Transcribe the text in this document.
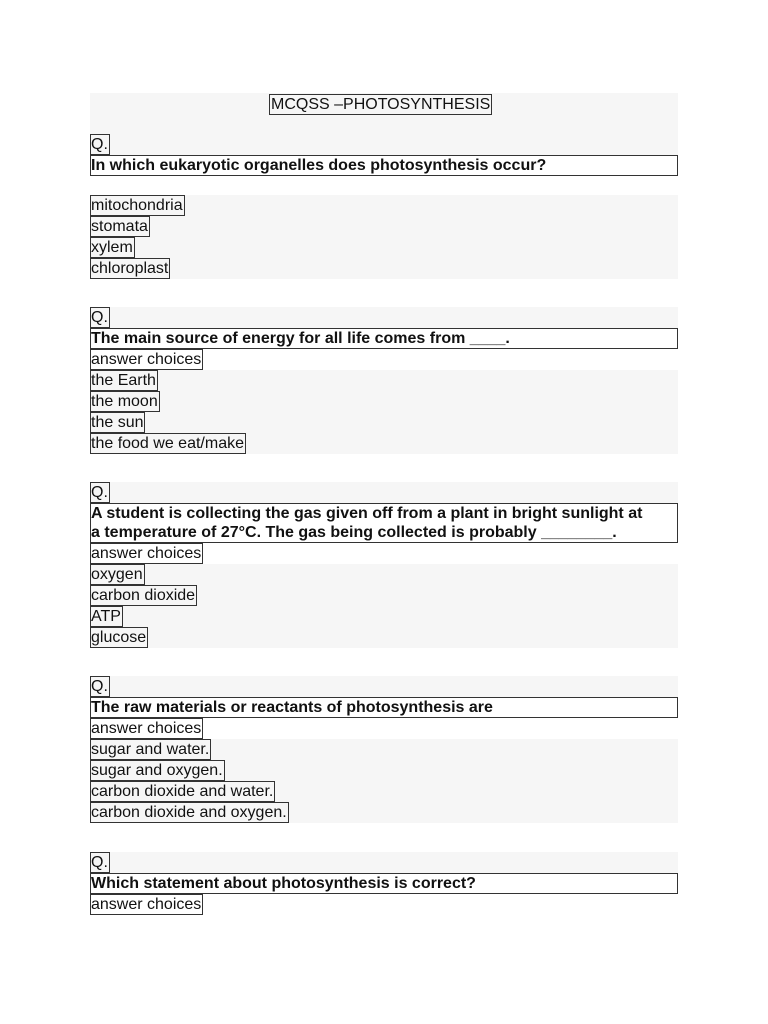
MCQSS –PHOTOSYNTHESIS
Q.
In which eukaryotic organelles does photosynthesis occur?
mitochondria
stomata
xylem
chloroplast
Q.
The main source of energy for all life comes from ____.
answer choices
the Earth
the moon
the sun
the food we eat/make
Q.
A student is collecting the gas given off from a plant in bright sunlight at
a temperature of 27°C. The gas being collected is probably ________.
answer choices
oxygen
carbon dioxide
ATP
glucose
Q.
The raw materials or reactants of photosynthesis are
answer choices
sugar and water.
sugar and oxygen.
carbon dioxide and water.
carbon dioxide and oxygen.
Q.
Which statement about photosynthesis is correct?
answer choices
